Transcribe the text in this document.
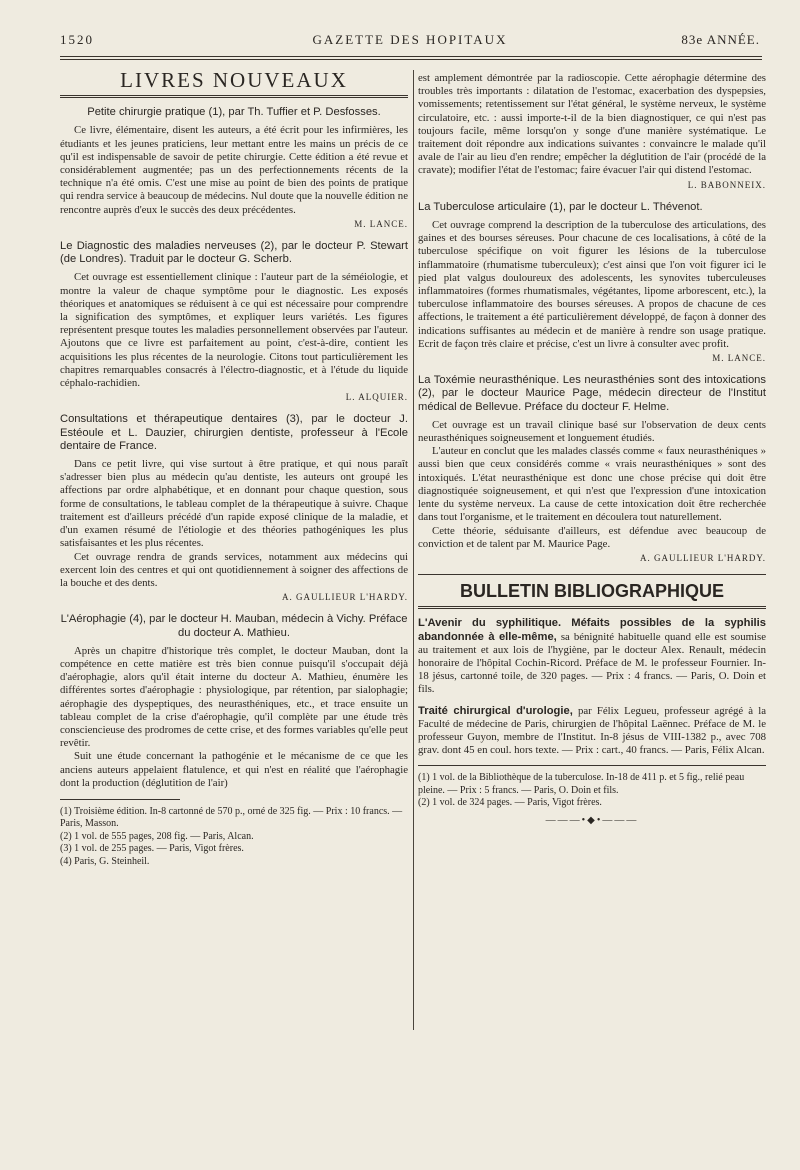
1520	GAZETTE DES HOPITAUX	83e ANNÉE.
LIVRES NOUVEAUX
Petite chirurgie pratique (1), par Th. Tuffier et P. Desfosses.

Ce livre, élémentaire, disent les auteurs, a été écrit pour les infirmières, les étudiants et les jeunes praticiens, leur mettant entre les mains un précis de ce qu'il est indispensable de savoir de petite chirurgie. Cette édition a été revue et considérablement augmentée; pas un des perfectionnements récents de la technique n'a été omis. C'est une mise au point de bien des points de pratique qui rendra service à beaucoup de médecins. Nul doute que la nouvelle édition ne rencontre auprès d'eux le succès des deux précédentes.

M. LANCE.
Le Diagnostic des maladies nerveuses (2), par le docteur P. Stewart (de Londres). Traduit par le docteur G. Scherb.

Cet ouvrage est essentiellement clinique : l'auteur part de la séméiologie, et montre la valeur de chaque symptôme pour le diagnostic. Les exposés théoriques et anatomiques se réduisent à ce qui est nécessaire pour comprendre la signification des symptômes, et expliquer leurs variétés. Les figures représentent presque toutes les maladies personnellement observées par l'auteur. Ajoutons que ce livre est parfaitement au point, c'est-à-dire, contient les acquisitions les plus récentes de la neurologie. Citons tout particulièrement les chapitres remarquables consacrés à l'électro-diagnostic, et à l'étude du liquide céphalo-rachidien.

L. ALQUIER.
Consultations et thérapeutique dentaires (3), par le docteur J. Estéoule et L. Dauzier, chirurgien dentiste, professeur à l'Ecole dentaire de France.

Dans ce petit livre, qui vise surtout à être pratique, et qui nous paraît s'adresser bien plus au médecin qu'au dentiste, les auteurs ont groupé les affections par ordre alphabétique, et en donnant pour chaque question, sous forme de consultations, le tableau complet de la thérapeutique à suivre. Chaque traitement est d'ailleurs précédé d'un rapide exposé clinique de la maladie, et d'un examen résumé de l'étiologie et des théories pathogéniques les plus satisfaisantes et les plus récentes.

Cet ouvrage rendra de grands services, notamment aux médecins qui exercent loin des centres et qui ont quotidiennement à soigner des affections de la bouche et des dents.

A. GAULLIEUR L'HARDY.
L'Aérophagie (4), par le docteur H. Mauban, médecin à Vichy. Préface du docteur A. Mathieu.

Après un chapitre d'historique très complet, le docteur Mauban, dont la compétence en cette matière est très bien connue puisqu'il s'occupait déjà d'aérophagie, alors qu'il était interne du docteur A. Mathieu, énumère les différentes sortes d'aérophagie : physiologique, par rétention, par sialophagie; aérophagie des dyspeptiques, des neurasthéniques, etc., et trace ensuite un tableau complet de la crise d'aérophagie, qu'il complète par une étude très consciencieuse des prodromes de cette crise, et des formes variables qu'elle peut revêtir.

Suit une étude concernant la pathogénie et le mécanisme de ce que les anciens auteurs appelaient flatulence, et qui n'est en réalité que l'aérophagie dont la production (déglutition de l'air)

(1) Troisième édition. In-8 cartonné de 570 p., orné de 325 fig. — Prix : 10 francs. — Paris, Masson.
(2) 1 vol. de 555 pages, 208 fig. — Paris, Alcan.
(3) 1 vol. de 255 pages. — Paris, Vigot frères.
(4) Paris, G. Steinheil.

est amplement démontrée par la radioscopie. Cette aérophagie détermine des troubles très importants : dilatation de l'estomac, exacerbation des dyspepsies, vomissements; retentissement sur l'état général, le système nerveux, le système circulatoire, etc. : aussi importe-t-il de la bien diagnostiquer, ce qui n'est pas toujours facile, même lorsqu'on y songe d'une manière systématique. Le traitement doit répondre aux indications suivantes : convaincre le malade qu'il avale de l'air au lieu d'en rendre; empêcher la déglutition de l'air (procédé de la cravate); modifier l'état de l'estomac; faire évacuer l'air qui distend l'estomac.

L. BABONNEIX.
La Tuberculose articulaire (1), par le docteur L. Thévenot.

Cet ouvrage comprend la description de la tuberculose des articulations, des gaines et des bourses séreuses. Pour chacune de ces localisations, à côté de la tuberculose spécifique on voit figurer les lésions de la tuberculose inflammatoire (rhumatisme tuberculeux); c'est ainsi que l'on voit figurer ici le pied plat valgus douloureux des adolescents, les synovites tuberculeuses inflammatoires (formes rhumatismales, végétantes, lipome arborescent, etc.), la tuberculose inflammatoire des bourses séreuses. A propos de chacune de ces affections, le traitement a été particulièrement développé, de façon à donner des indications suffisantes au médecin et de manière à rendre son usage pratique. Ecrit de façon très claire et précise, c'est un livre à consulter avec profit.

M. LANCE.
La Toxémie neurasthénique. Les neurasthénies sont des intoxications (2), par le docteur Maurice Page, médecin directeur de l'Institut médical de Bellevue. Préface du docteur F. Helme.

Cet ouvrage est un travail clinique basé sur l'observation de deux cents neurasthéniques soigneusement et longuement étudiés.

L'auteur en conclut que les malades classés comme « faux neurasthéniques » aussi bien que ceux considérés comme « vrais neurasthéniques » sont des intoxiqués. L'état neurasthénique est donc une chose précise qui doit être diagnostiquée soigneusement, et qui n'est que l'expression d'une intoxication lente du système nerveux. La cause de cette intoxication doit être recherchée dans tout l'organisme, et le traitement en découlera tout naturellement.

Cette théorie, séduisante d'ailleurs, est défendue avec beaucoup de conviction et de talent par M. Maurice Page.

A. GAULLIEUR L'HARDY.
BULLETIN BIBLIOGRAPHIQUE
L'Avenir du syphilitique. Méfaits possibles de la syphilis abandonnée à elle-même, sa bénignité habituelle quand elle est soumise au traitement et aux lois de l'hygiène, par le docteur Alex. Renault, médecin honoraire de l'hôpital Cochin-Ricord. Préface de M. le professeur Fournier. In-18 jésus, cartonné toile, de 320 pages. — Prix : 4 francs. — Paris, O. Doin et fils.
Traité chirurgical d'urologie, par Félix Legueu, professeur agrégé à la Faculté de médecine de Paris, chirurgien de l'hôpital Laënnec. Préface de M. le professeur Guyon, membre de l'Institut. In-8 jésus de VIII-1382 p., avec 708 grav. dont 45 en coul. hors texte. — Prix : cart., 40 francs. — Paris, Félix Alcan.
(1) 1 vol. de la Bibliothèque de la tuberculose. In-18 de 411 p. et 5 fig., relié peau pleine. — Prix : 5 francs. — Paris, O. Doin et fils.
(2) 1 vol. de 324 pages. — Paris, Vigot frères.
———•◆•———
